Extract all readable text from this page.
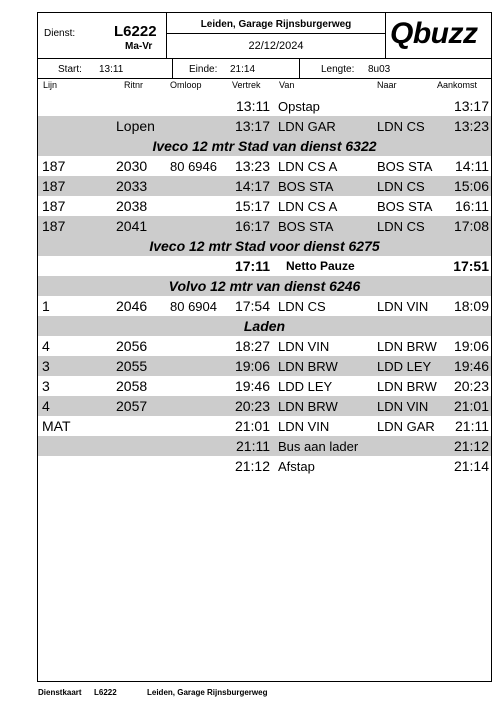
Dienst:	L6222
Ma-Vr
Leiden, Garage Rijnsburgerweg
22/12/2024	Qbuzz
Start: 13:11	Einde: 21:14	Lengte: 8u03
Lijn	Ritnr	Omloop	Vertrek Van	Naar	Aankomst
13:11 Opstap	13:17
Lopen	13:17 LDN GAR	LDN CS	13:23
Iveco 12 mtr Stad van dienst 6322
187	2030	80 6946	13:23 LDN CS A	BOS STA	14:11
187	2033	14:17 BOS STA	LDN CS	15:06
187	2038	15:17 LDN CS A	BOS STA	16:11
187	2041	16:17 BOS STA	LDN CS	17:08
Iveco 12 mtr Stad voor dienst 6275
17:11 Netto Pauze	17:51
Volvo 12 mtr van dienst 6246
1	2046	80 6904	17:54 LDN CS	LDN VIN	18:09
Laden
4	2056	18:27 LDN VIN	LDN BRW	19:06
3	2055	19:06 LDN BRW	LDD LEY	19:46
3	2058	19:46 LDD LEY	LDN BRW	20:23
4	2057	20:23 LDN BRW	LDN VIN	21:01
MAT	21:01 LDN VIN	LDN GAR	21:11
21:11 Bus aan lader	21:12
21:12 Afstap	21:14
Dienstkaart L6222	Leiden, Garage Rijnsburgerweg
